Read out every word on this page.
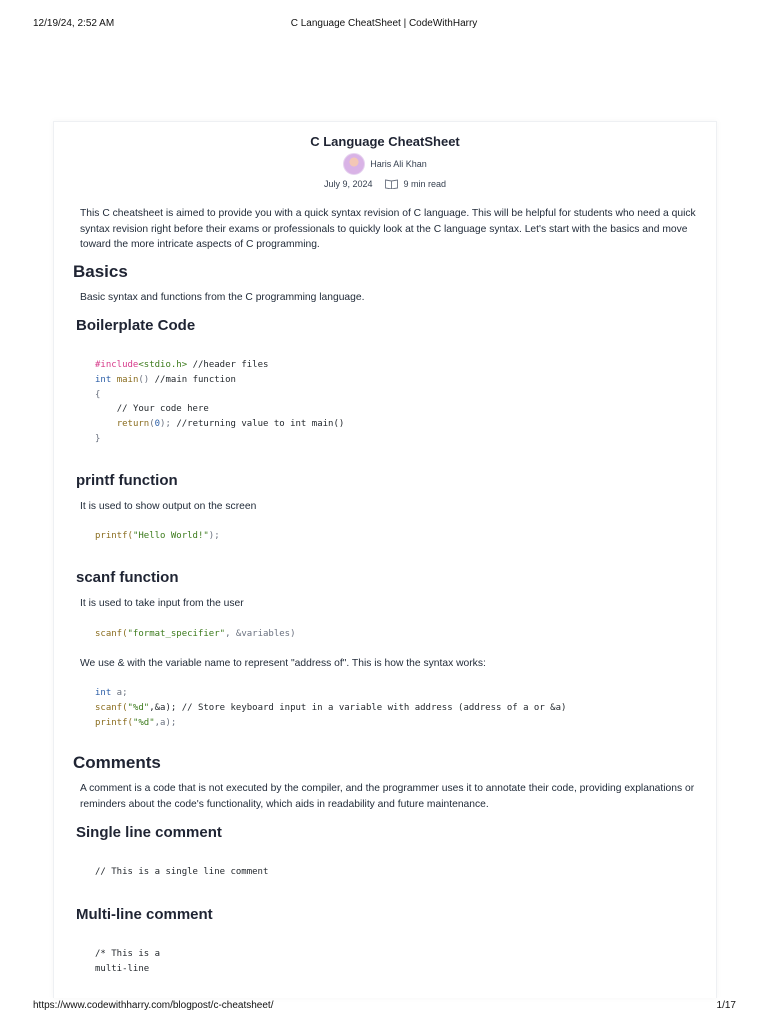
12/19/24, 2:52 AM	C Language CheatSheet | CodeWithHarry
C Language CheatSheet
Haris Ali Khan
July 9, 2024	9 min read
This C cheatsheet is aimed to provide you with a quick syntax revision of C language. This will be helpful for students who need a quick syntax revision right before their exams or professionals to quickly look at the C language syntax. Let's start with the basics and move toward the more intricate aspects of C programming.
Basics
Basic syntax and functions from the C programming language.
Boilerplate Code
#include<stdio.h> //header files
int main() //main function
{
// Your code here
return(0); //returning value to int main()
}
printf function
It is used to show output on the screen
printf("Hello World!");
scanf function
It is used to take input from the user
scanf("format_specifier", &variables)
We use & with the variable name to represent "address of". This is how the syntax works:
int a;
scanf("%d",&a); // Store keyboard input in a variable with address (address of a or &a)
printf("%d",a);
Comments
A comment is a code that is not executed by the compiler, and the programmer uses it to annotate their code, providing explanations or reminders about the code's functionality, which aids in readability and future maintenance.
Single line comment
// This is a single line comment
Multi-line comment
/* This is a
multi-line
https://www.codewithharry.com/blogpost/c-cheatsheet/	1/17
